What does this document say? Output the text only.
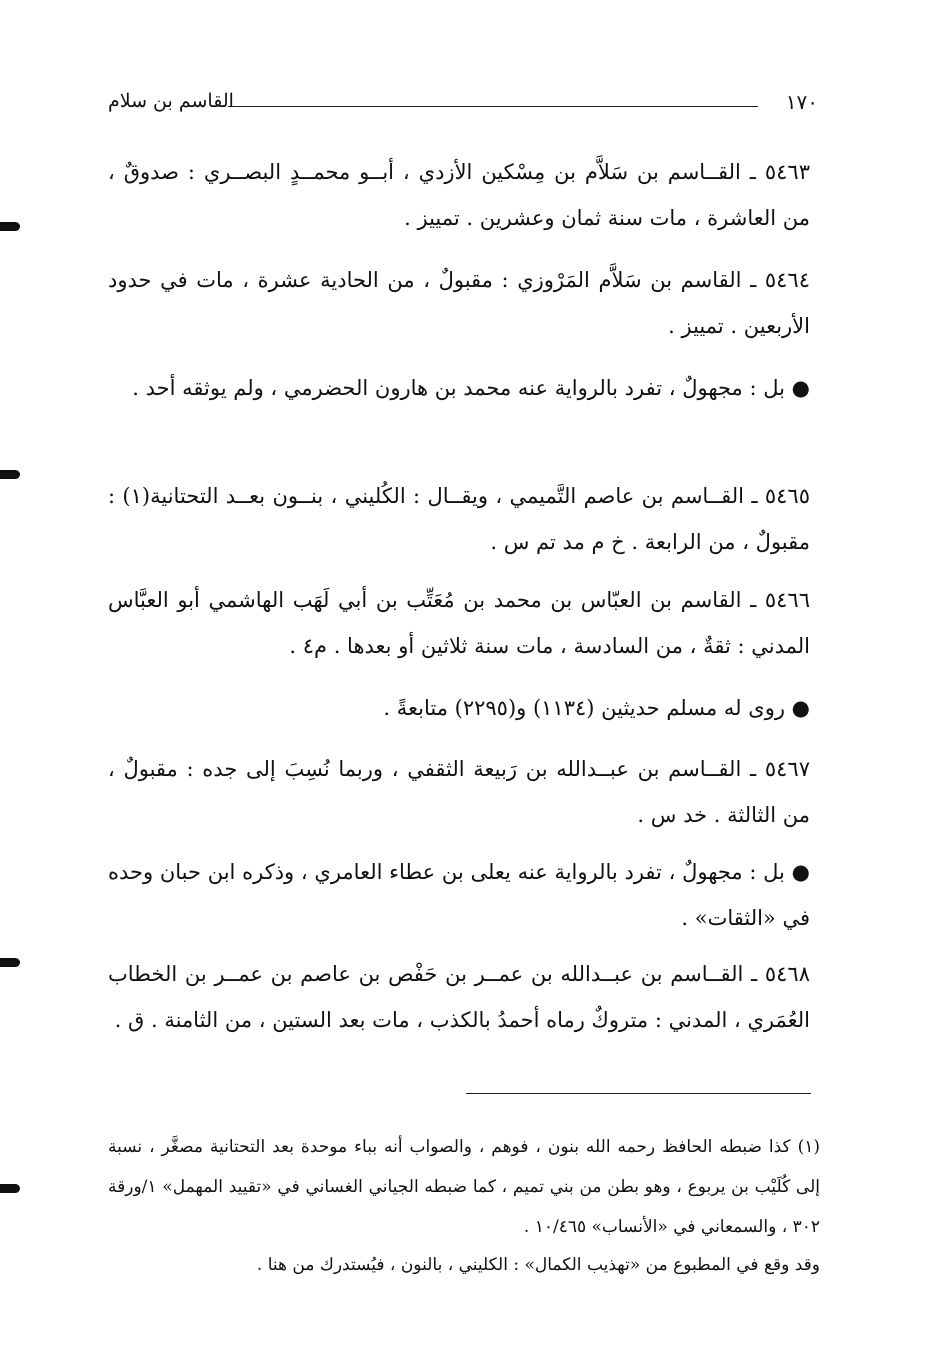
١٧٠
القاسم بن سلام

٥٤٦٣ ـ القــاسم بن سَلاَّم بن مِسْكين الأزدي ، أبــو محمــدٍ البصــري : صدوقٌ ، من العاشرة ، مات سنة ثمان وعشرين . تمييز .

٥٤٦٤ ـ القاسم بن سَلاَّم المَرْوزي : مقبولٌ ، من الحادية عشرة ، مات في حدود الأربعين . تمييز .

● بل : مجهولٌ ، تفرد بالرواية عنه محمد بن هارون الحضرمي ، ولم يوثقه أحد .

٥٤٦٥ ـ القــاسم بن عاصم التَّميمي ، ويقــال : الكُليني ، بنــون بعــد التحتانية(١) : مقبولٌ ، من الرابعة . خ م مد تم س .

٥٤٦٦ ـ القاسم بن العبّاس بن محمد بن مُعَتِّب بن أبي لَهَب الهاشمي أبو العبَّاس المدني : ثقةٌ ، من السادسة ، مات سنة ثلاثين أو بعدها . م٤ .

● روى له مسلم حديثين (١١٣٤) و(٢٢٩٥) متابعةً .

٥٤٦٧ ـ القــاسم بن عبــدالله بن رَبيعة الثقفي ، وربما نُسِبَ إلى جده : مقبولٌ ، من الثالثة . خد س .

● بل : مجهولٌ ، تفرد بالرواية عنه يعلى بن عطاء العامري ، وذكره ابن حبان وحده في «الثقات» .

٥٤٦٨ ـ القــاسم بن عبــدالله بن عمــر بن حَفْص بن عاصم بن عمــر بن الخطاب العُمَري ، المدني : متروكٌ رماه أحمدُ بالكذب ، مات بعد الستين ، من الثامنة . ق .

(١) كذا ضبطه الحافظ رحمه الله بنون ، فوهم ، والصواب أنه بباء موحدة بعد التحتانية مصغَّر ، نسبة إلى كُلَيْب بن يربوع ، وهو بطن من بني تميم ، كما ضبطه الجياني الغساني في «تقييد المهمل» ١/ورقة ٣٠٢ ، والسمعاني في «الأنساب» ١٠/٤٦٥ .

وقد وقع في المطبوع من «تهذيب الكمال» : الكليني ، بالنون ، فيُستدرك من هنا .
